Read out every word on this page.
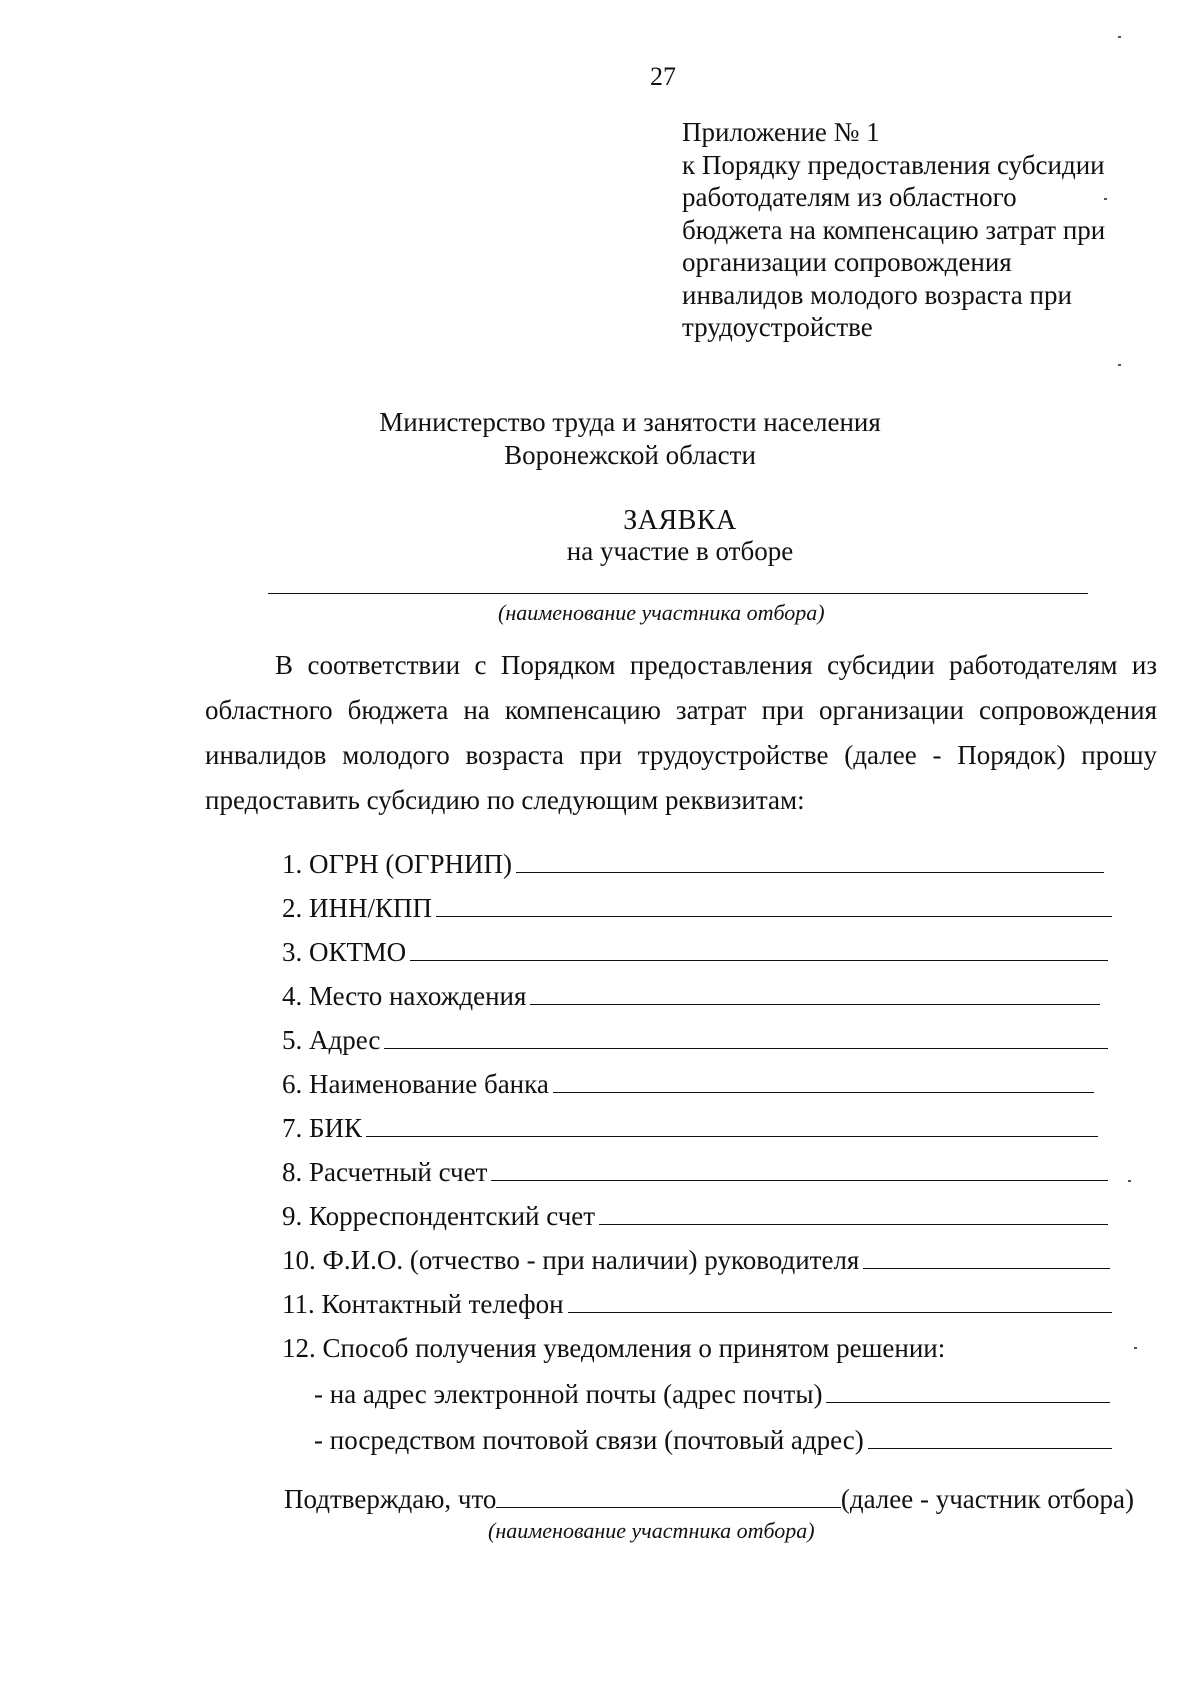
27
Приложение № 1
к Порядку предоставления субсидии
работодателям из областного
бюджета на компенсацию затрат при
организации сопровождения
инвалидов молодого возраста при
трудоустройстве
Министерство труда и занятости населения
Воронежской области
ЗАЯВКА
на участие в отборе
(наименование участника отбора)
В соответствии с Порядком предоставления субсидии работодателям из
областного бюджета на компенсацию затрат при организации сопровождения
инвалидов молодого возраста при трудоустройстве (далее - Порядок) прошу
предоставить субсидию по следующим реквизитам:
1. ОГРН (ОГРНИП)
2. ИНН/КПП
3. ОКТМО
4. Место нахождения
5. Адрес
6. Наименование банка
7. БИК
8. Расчетный счет
9. Корреспондентский счет
10. Ф.И.О. (отчество - при наличии) руководителя
11. Контактный телефон
12. Способ получения уведомления о принятом решении:
- на адрес электронной почты (адрес почты)
- посредством почтовой связи (почтовый адрес)
Подтверждаю, что	(далее - участник отбора)
(наименование участника отбора)
